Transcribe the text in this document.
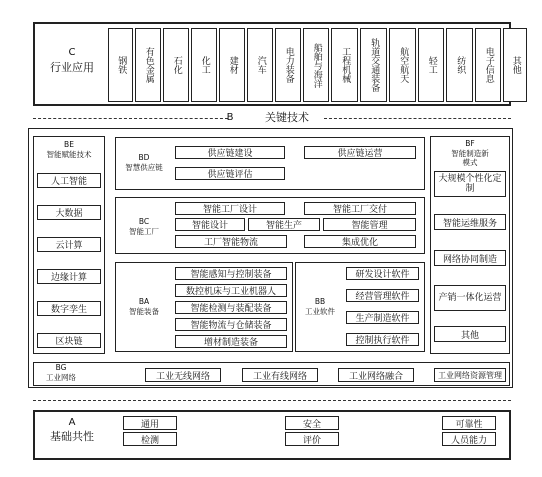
C
行业应用	钢铁 有色金属 石化 化工 建材 汽车 电力装备 船舶与海洋 工程机械 轨道交通装备 航空航天 轻工 纺织 电子信息 其他
B	关键技术
BE
智能赋能技术
人工智能
大数据
云计算
边缘计算
数字孪生
区块链
BD
智慧供应链
供应链建设	供应链运营
供应链评估
BC
智能工厂
智能工厂设计	智能工厂交付
智能设计	智能生产	智能管理
工厂智能物流	集成优化
BA
智能装备
智能感知与控制装备
数控机床与工业机器人
智能检测与装配装备
智能物流与仓储装备
增材制造装备
BB
工业软件
研发设计软件
经营管理软件
生产制造软件
控制执行软件
BF
智能制造新模式
大规模个性化定制
智能运维服务
网络协同制造
产销一体化运营
其他
BG
工业网络	工业无线网络	工业有线网络	工业网络融合	工业网络资源管理
A
基础共性
通用
检测
安全
评价
可靠性
人员能力
